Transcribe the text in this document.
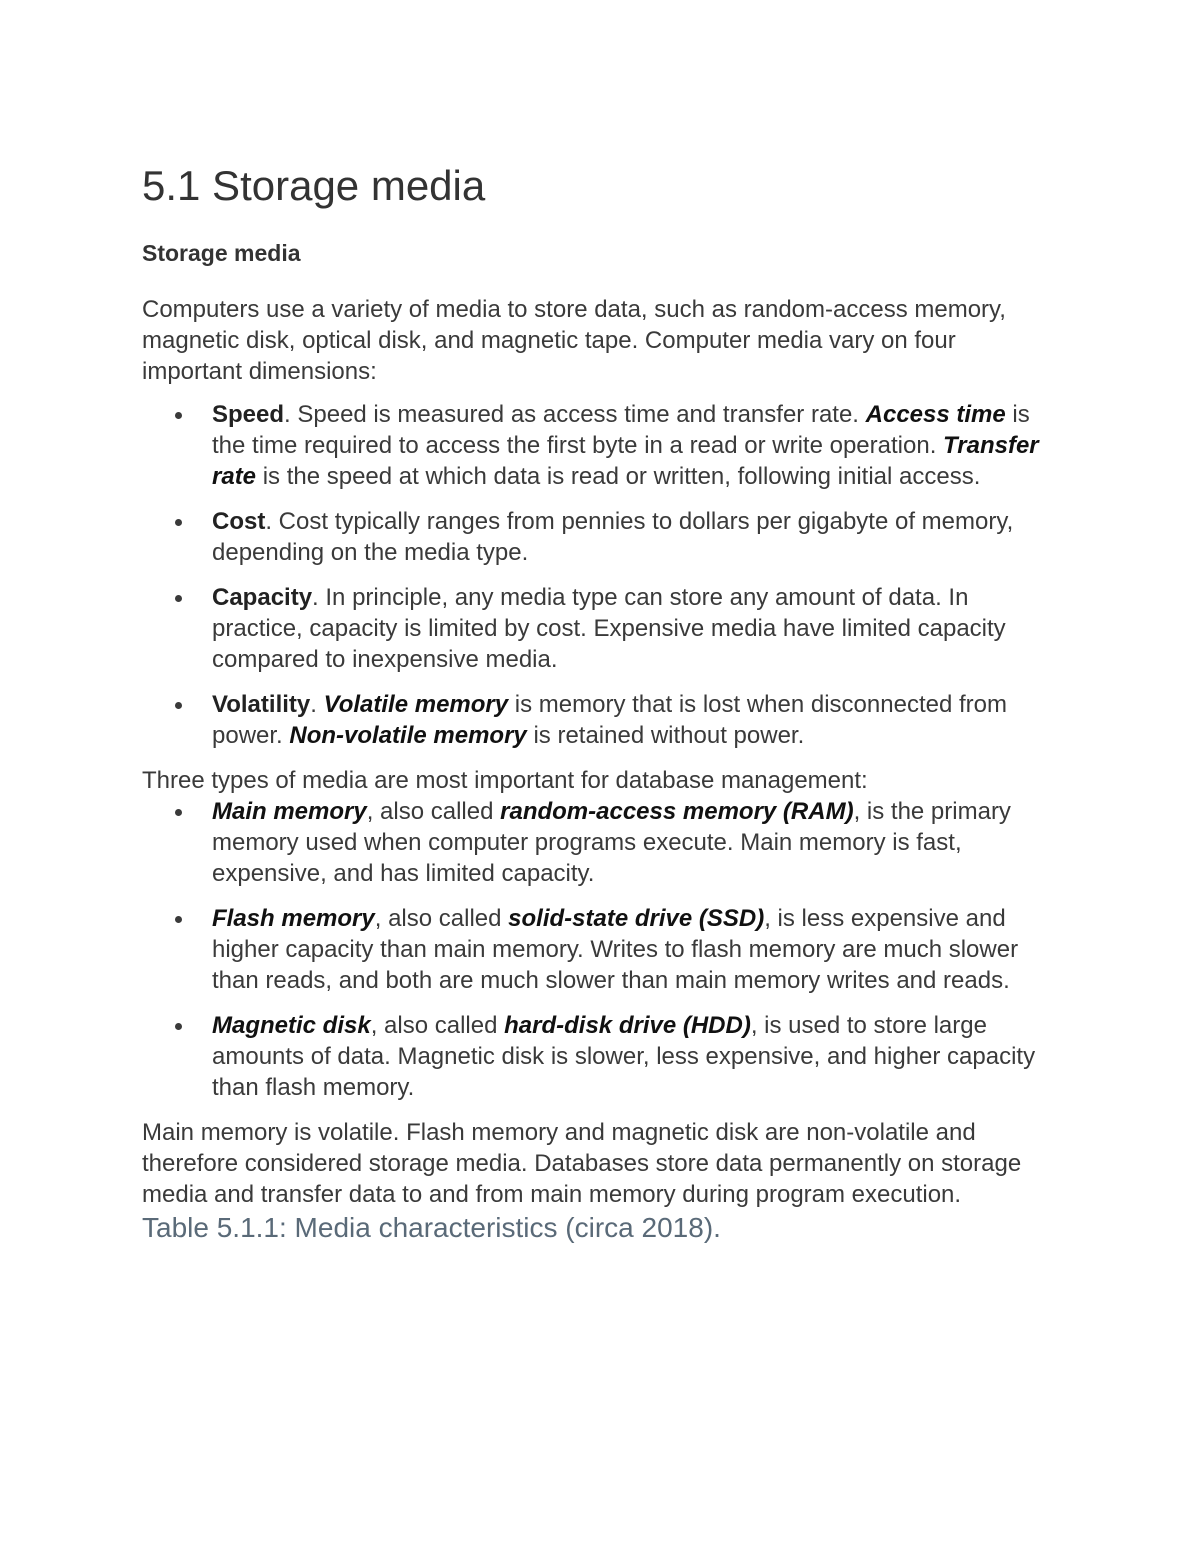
5.1 Storage media
Storage media

Computers use a variety of media to store data, such as random-access memory, magnetic disk, optical disk, and magnetic tape. Computer media vary on four important dimensions:

Speed. Speed is measured as access time and transfer rate. Access time is the time required to access the first byte in a read or write operation. Transfer rate is the speed at which data is read or written, following initial access.
Cost. Cost typically ranges from pennies to dollars per gigabyte of memory, depending on the media type.
Capacity. In principle, any media type can store any amount of data. In practice, capacity is limited by cost. Expensive media have limited capacity compared to inexpensive media.
Volatility. Volatile memory is memory that is lost when disconnected from power. Non-volatile memory is retained without power.

Three types of media are most important for database management:

Main memory, also called random-access memory (RAM), is the primary memory used when computer programs execute. Main memory is fast, expensive, and has limited capacity.
Flash memory, also called solid-state drive (SSD), is less expensive and higher capacity than main memory. Writes to flash memory are much slower than reads, and both are much slower than main memory writes and reads.
Magnetic disk, also called hard-disk drive (HDD), is used to store large amounts of data. Magnetic disk is slower, less expensive, and higher capacity than flash memory.

Main memory is volatile. Flash memory and magnetic disk are non-volatile and therefore considered storage media. Databases store data permanently on storage media and transfer data to and from main memory during program execution.

Table 5.1.1: Media characteristics (circa 2018).
